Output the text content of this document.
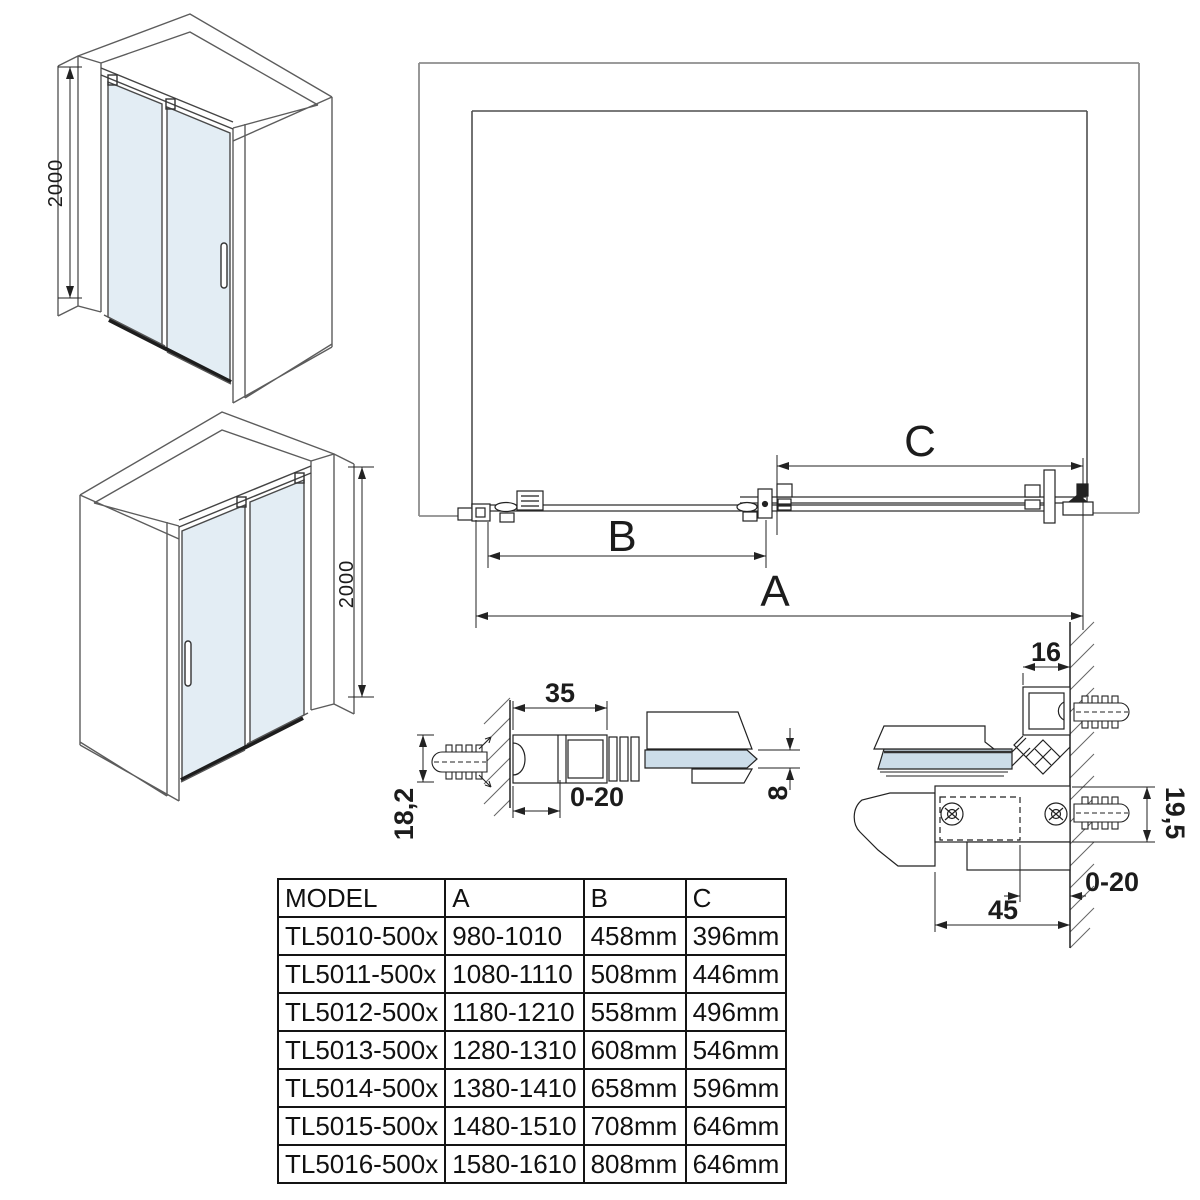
2000
2000
C
B
A
35
0-20
18,2	8
16
19,5
0-20
45
MODEL	A	B	C
TL5010-500x	980-1010	458mm	396mm
TL5011-500x	1080-1110	508mm	446mm
TL5012-500x	1180-1210	558mm	496mm
TL5013-500x	1280-1310	608mm	546mm
TL5014-500x	1380-1410	658mm	596mm
TL5015-500x	1480-1510	708mm	646mm
TL5016-500x	1580-1610	808mm	646mm
